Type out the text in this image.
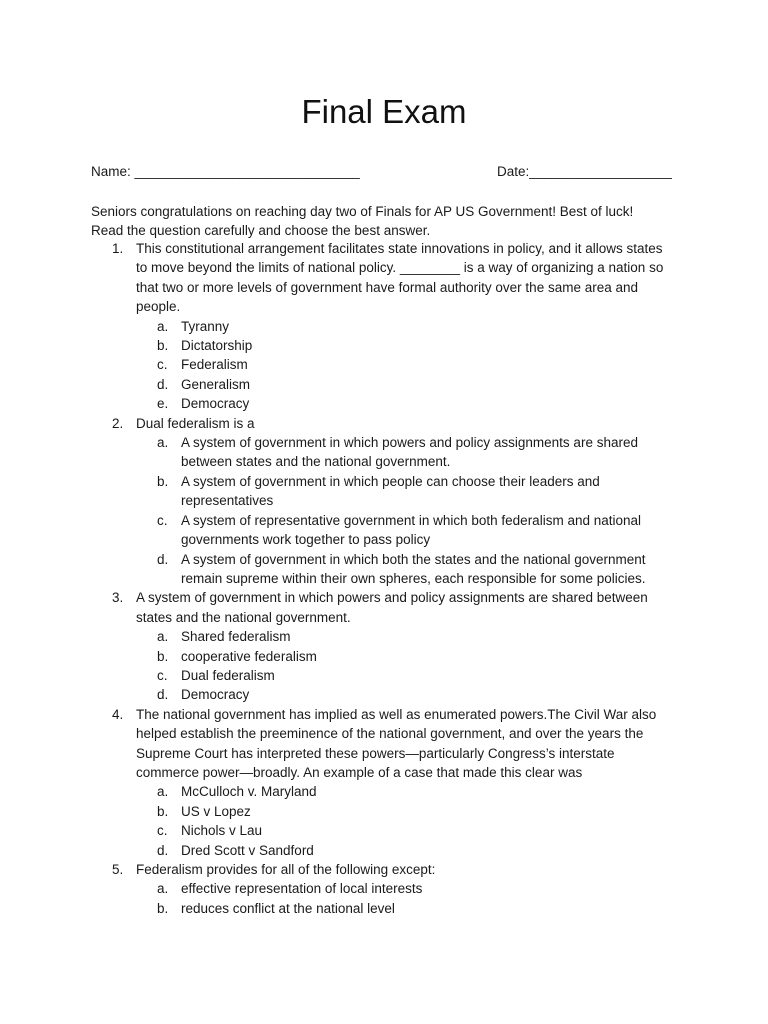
Final Exam
Name: ______________________________	Date:___________________
Seniors congratulations on reaching day two of Finals for AP US Government! Best of luck!
Read the question carefully and choose the best answer.
1. This constitutional arrangement facilitates state innovations in policy, and it allows states
to move beyond the limits of national policy. ________ is a way of organizing a nation so
that two or more levels of government have formal authority over the same area and
people.
a. Tyranny
b. Dictatorship
c. Federalism
d. Generalism
e. Democracy
2. Dual federalism is a
a. A system of government in which powers and policy assignments are shared
between states and the national government.
b. A system of government in which people can choose their leaders and
representatives
c. A system of representative government in which both federalism and national
governments work together to pass policy
d. A system of government in which both the states and the national government
remain supreme within their own spheres, each responsible for some policies.
3. A system of government in which powers and policy assignments are shared between
states and the national government.
a. Shared federalism
b. cooperative federalism
c. Dual federalism
d. Democracy
4. The national government has implied as well as enumerated powers.The Civil War also
helped establish the preeminence of the national government, and over the years the
Supreme Court has interpreted these powers—particularly Congress’s interstate
commerce power—broadly. An example of a case that made this clear was
a. McCulloch v. Maryland
b. US v Lopez
c. Nichols v Lau
d. Dred Scott v Sandford
5. Federalism provides for all of the following except:
a. effective representation of local interests
b. reduces conflict at the national level
